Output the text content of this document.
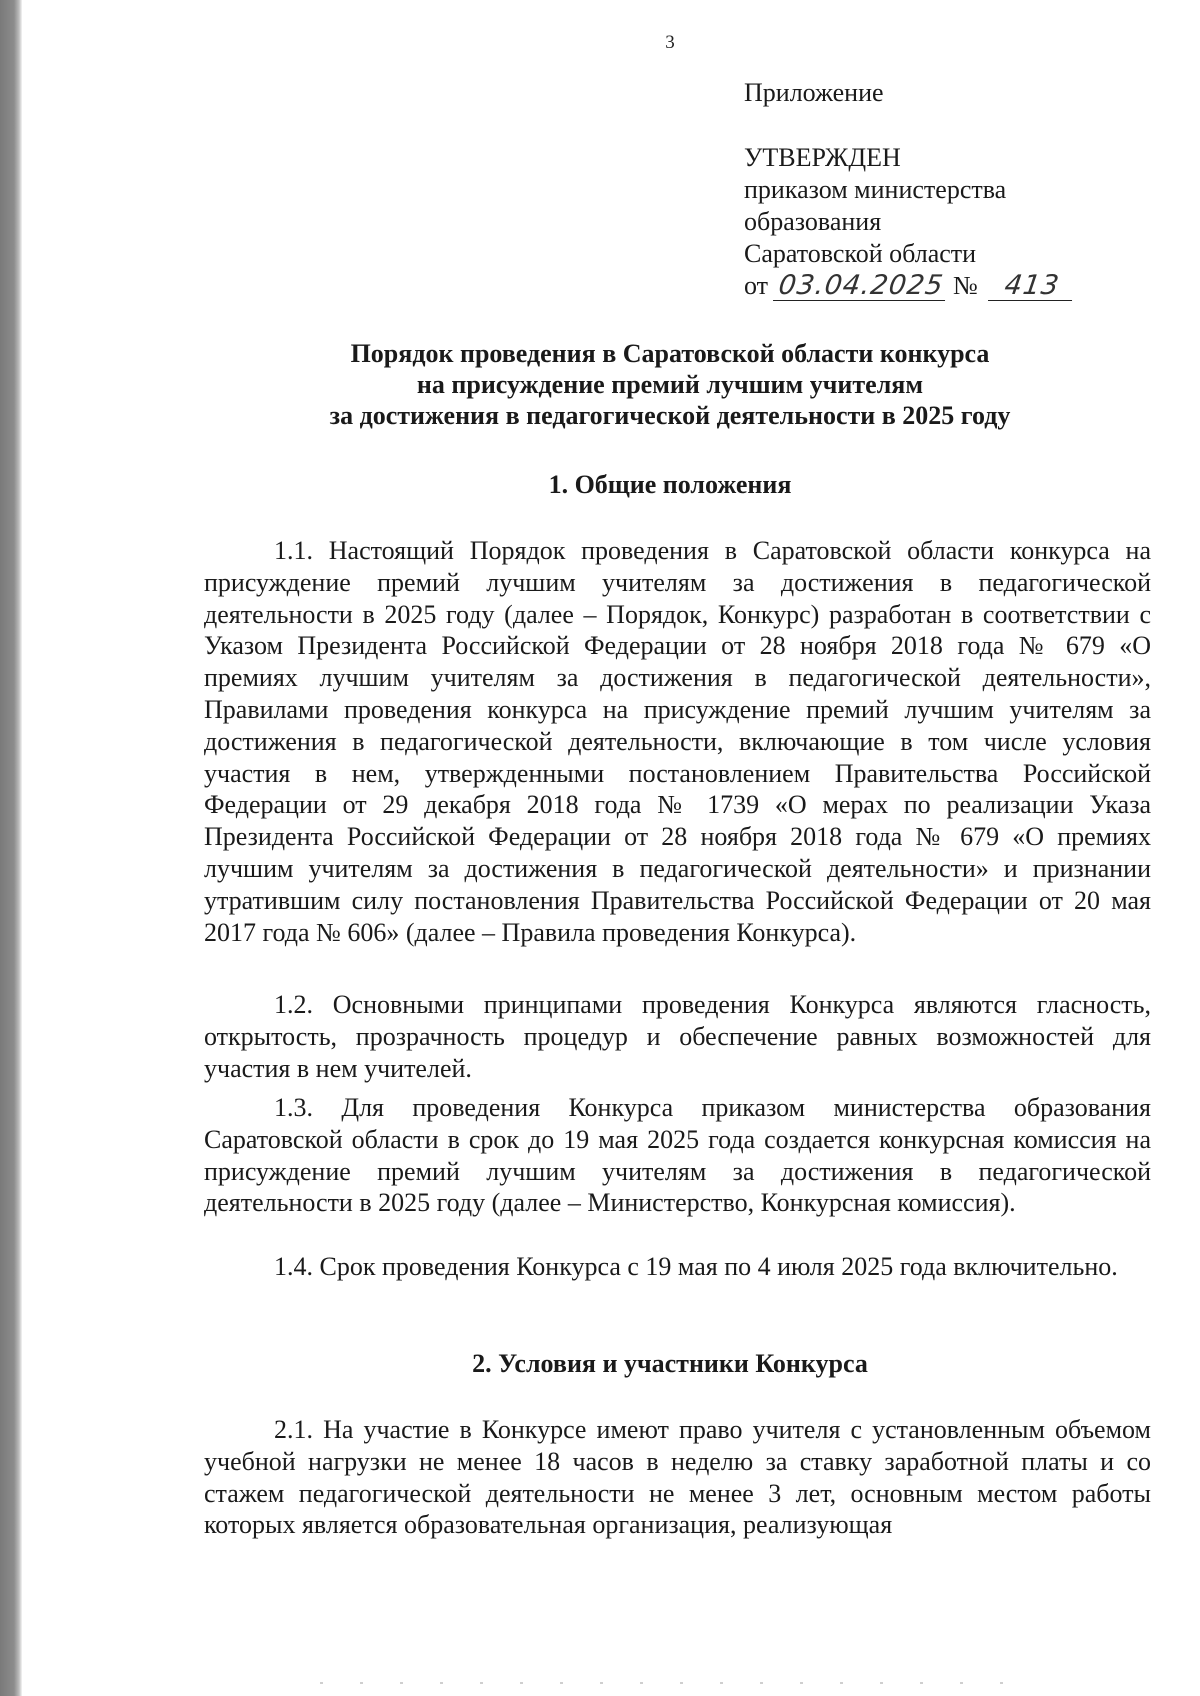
3
Приложение
УТВЕРЖДЕН
приказом министерства
образования
Саратовской области
от 03.04.2025 № 413
Порядок проведения в Саратовской области конкурса
на присуждение премий лучшим учителям
за достижения в педагогической деятельности в 2025 году
1. Общие положения

1.1. Настоящий Порядок проведения в Саратовской области конкурса на присуждение премий лучшим учителям за достижения в педагогической деятельности в 2025 году (далее – Порядок, Конкурс) разработан в соответствии с Указом Президента Российской Федерации от 28 ноября 2018 года № 679 «О премиях лучшим учителям за достижения в педагогической деятельности», Правилами проведения конкурса на присуждение премий лучшим учителям за достижения в педагогической деятельности, включающие в том числе условия участия в нем, утвержденными постановлением Правительства Российской Федерации от 29 декабря 2018 года № 1739 «О мерах по реализации Указа Президента Российской Федерации от 28 ноября 2018 года № 679 «О премиях лучшим учителям за достижения в педагогической деятельности» и признании утратившим силу постановления Правительства Российской Федерации от 20 мая 2017 года № 606» (далее – Правила проведения Конкурса).

1.2. Основными принципами проведения Конкурса являются гласность, открытость, прозрачность процедур и обеспечение равных возможностей для участия в нем учителей.

1.3. Для проведения Конкурса приказом министерства образования Саратовской области в срок до 19 мая 2025 года создается конкурсная комиссия на присуждение премий лучшим учителям за достижения в педагогической деятельности в 2025 году (далее – Министерство, Конкурсная комиссия).

1.4. Срок проведения Конкурса с 19 мая по 4 июля 2025 года включительно.

2. Условия и участники Конкурса

2.1. На участие в Конкурсе имеют право учителя с установленным объемом учебной нагрузки не менее 18 часов в неделю за ставку заработной платы и со стажем педагогической деятельности не менее 3 лет, основным местом работы которых является образовательная организация, реализующая
